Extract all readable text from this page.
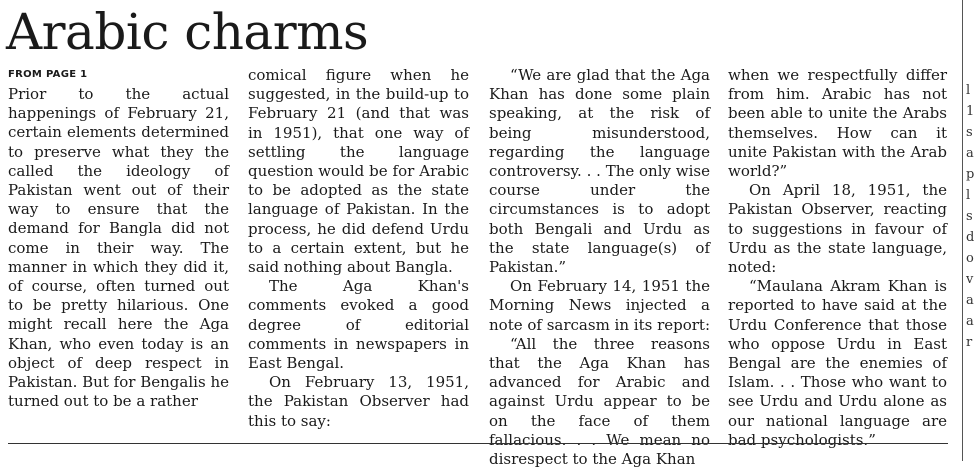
Arabic charms
FROM PAGE 1

Prior to the actual happenings of February 21, certain elements determined to preserve what they the called the ideology of Pakistan went out of their way to ensure that the demand for Bangla did not come in their way. The manner in which they did it, of course, often turned out to be pretty hilarious. One might recall here the Aga Khan, who even today is an object of deep respect in Pakistan. But for Bengalis he turned out to be a rather

comical figure when he suggested, in the build-up to February 21 (and that was in 1951), that one way of settling the language question would be for Arabic to be adopted as the state language of Pakistan. In the process, he did defend Urdu to a certain extent, but he said nothing about Bangla.

The Aga Khan's comments evoked a good degree of editorial comments in newspapers in East Bengal.

On February 13, 1951, the Pakistan Observer had this to say:

“We are glad that the Aga Khan has done some plain speaking, at the risk of being misunderstood, regarding the language controversy. . . The only wise course under the circumstances is to adopt both Bengali and Urdu as the state language(s) of Pakistan.”

On February 14, 1951 the Morning News injected a note of sarcasm in its report:

“All the three reasons that the Aga Khan has advanced for Arabic and against Urdu appear to be on the face of them fallacious. . . We mean no disrespect to the Aga Khan

when we respectfully differ from him. Arabic has not been able to unite the Arabs themselves. How can it unite Pakistan with the Arab world?”

On April 18, 1951, the Pakistan Observer, reacting to suggestions in favour of Urdu as the state language, noted:

“Maulana Akram Khan is reported to have said at the Urdu Conference that those who oppose Urdu in East Bengal are the enemies of Islam. . . Those who want to see Urdu and Urdu alone as our national language are bad psychologists.”

l 1 s a p l s d o v a a r
